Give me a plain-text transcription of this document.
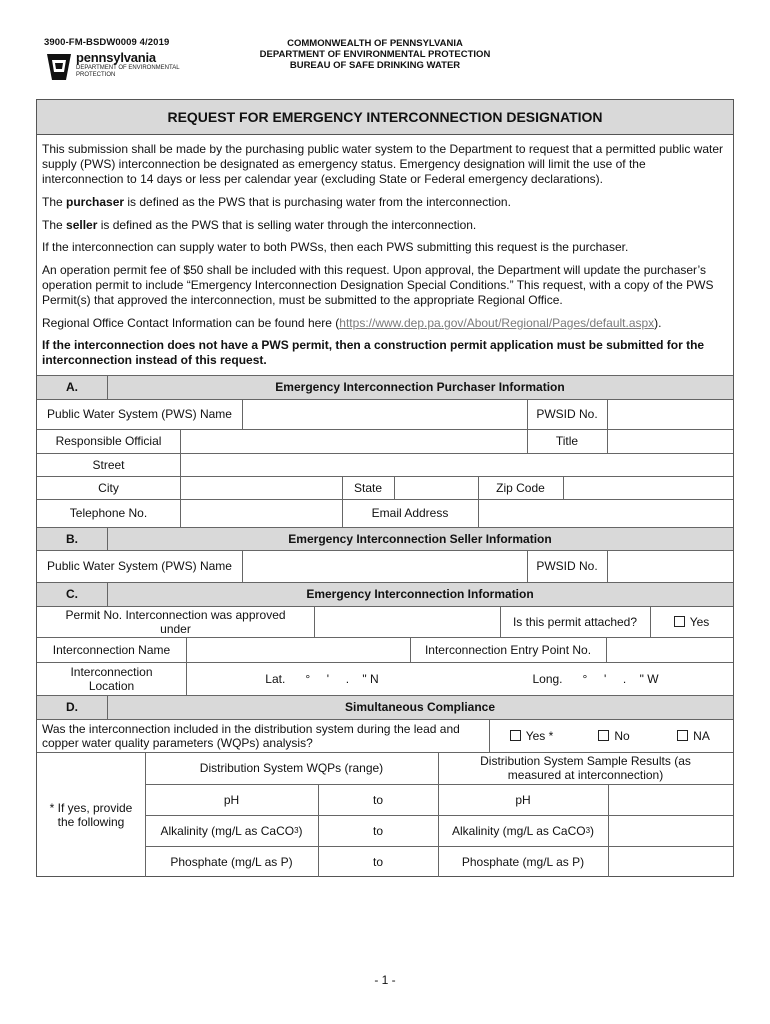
3900-FM-BSDW0009 4/2019
pennsylvania
DEPARTMENT OF ENVIRONMENTAL PROTECTION
COMMONWEALTH OF PENNSYLVANIA
DEPARTMENT OF ENVIRONMENTAL PROTECTION
BUREAU OF SAFE DRINKING WATER
REQUEST FOR EMERGENCY INTERCONNECTION DESIGNATION
This submission shall be made by the purchasing public water system to the Department to request that a permitted public water supply (PWS) interconnection be designated as emergency status. Emergency designation will limit the use of the interconnection to 14 days or less per calendar year (excluding State or Federal emergency declarations).
The purchaser is defined as the PWS that is purchasing water from the interconnection.
The seller is defined as the PWS that is selling water through the interconnection.
If the interconnection can supply water to both PWSs, then each PWS submitting this request is the purchaser.
An operation permit fee of $50 shall be included with this request. Upon approval, the Department will update the purchaser’s operation permit to include “Emergency Interconnection Designation Special Conditions.” This request, with a copy of the PWS Permit(s) that approved the interconnection, must be submitted to the appropriate Regional Office.
Regional Office Contact Information can be found here (https://www.dep.pa.gov/About/Regional/Pages/default.aspx).
If the interconnection does not have a PWS permit, then a construction permit application must be submitted for the interconnection instead of this request.
A.	Emergency Interconnection Purchaser Information
Public Water System (PWS) Name	PWSID No.
Responsible Official	Title
Street
City	State	Zip Code
Telephone No.	Email Address
B.	Emergency Interconnection Seller Information
Public Water System (PWS) Name	PWSID No.
C.	Emergency Interconnection Information
Permit No. Interconnection was approved under	Is this permit attached?	Yes
Interconnection Name	Interconnection Entry Point No.
Interconnection Location	Lat.      °     '     .    " N	Long.      °     '     .    " W
D.	Simultaneous Compliance
Was the interconnection included in the distribution system during the lead and copper water quality parameters (WQPs) analysis?	Yes *	No	NA
* If yes, provide the following
Distribution System WQPs (range)	Distribution System Sample Results (as measured at interconnection)
pH	to	pH
Alkalinity (mg/L as CaCO 3 )	to	Alkalinity (mg/L as CaCO 3 )
Phosphate (mg/L as P)	to	Phosphate (mg/L as P)
- 1 -
